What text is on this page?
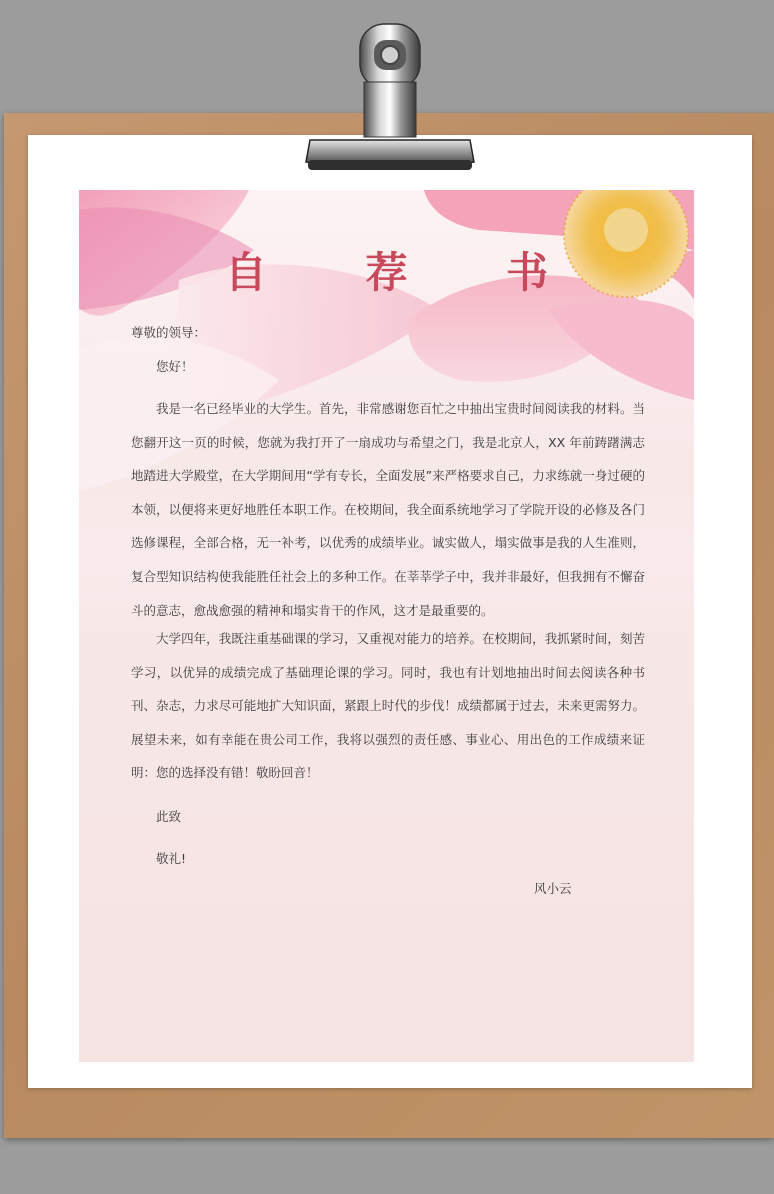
自 荐 书
尊敬的领导：
您好！
我是一名已经毕业的大学生。首先，非常感谢您百忙之中抽出宝贵时间阅读我的材料。当您翻开这一页的时候，您就为我打开了一扇成功与希望之门，我是北京人，XX 年前踌躇满志地踏进大学殿堂，在大学期间用“学有专长，全面发展”来严格要求自己，力求练就一身过硬的本领，以便将来更好地胜任本职工作。在校期间，我全面系统地学习了学院开设的必修及各门选修课程，全部合格，无一补考，以优秀的成绩毕业。诚实做人，塌实做事是我的人生准则，复合型知识结构使我能胜任社会上的多种工作。在莘莘学子中，我并非最好，但我拥有不懈奋斗的意志，愈战愈强的精神和塌实肯干的作风，这才是最重要的。
大学四年，我既注重基础课的学习，又重视对能力的培养。在校期间，我抓紧时间，刻苦学习，以优异的成绩完成了基础理论课的学习。同时，我也有计划地抽出时间去阅读各种书刊、杂志，力求尽可能地扩大知识面，紧跟上时代的步伐！成绩都属于过去，未来更需努力。展望未来，如有幸能在贵公司工作，我将以强烈的责任感、事业心、用出色的工作成绩来证明：您的选择没有错！敬盼回音！
此致
敬礼!
风小云
